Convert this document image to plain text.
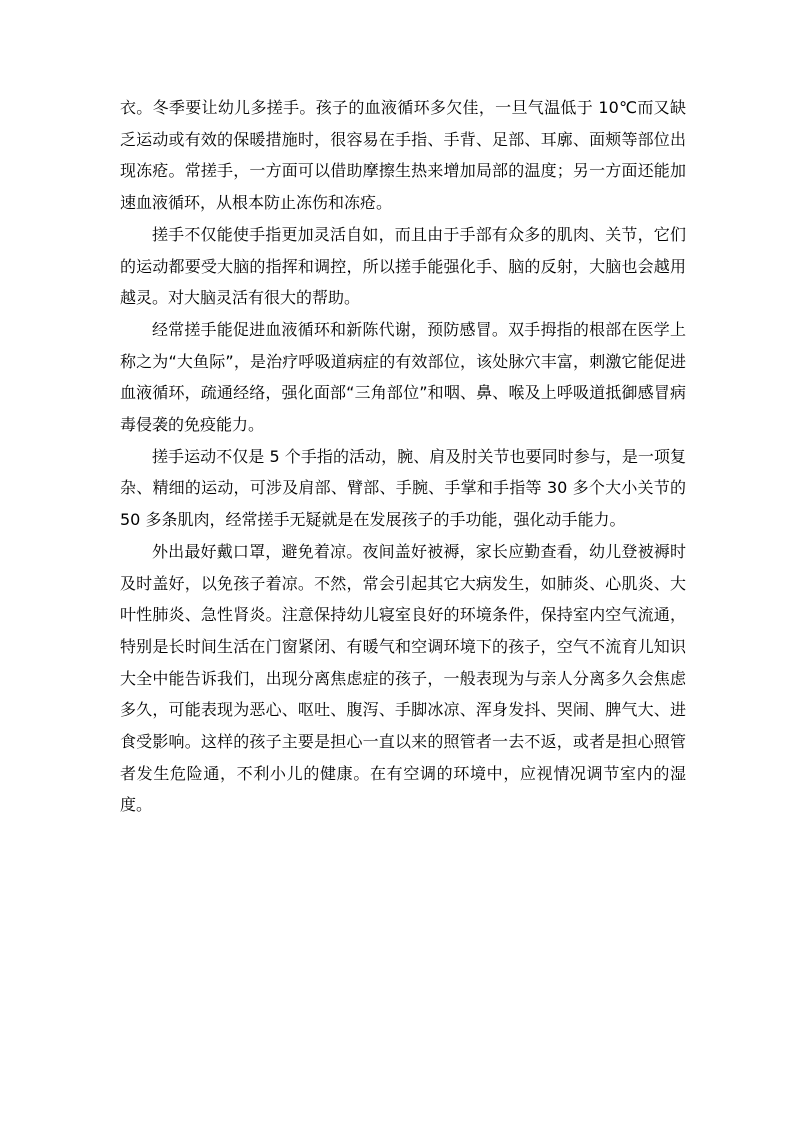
衣。冬季要让幼儿多搓手。孩子的血液循环多欠佳，一旦气温低于 10℃而又缺乏运动或有效的保暖措施时，很容易在手指、手背、足部、耳廓、面颊等部位出现冻疮。常搓手，一方面可以借助摩擦生热来增加局部的温度；另一方面还能加速血液循环，从根本防止冻伤和冻疮。

搓手不仅能使手指更加灵活自如，而且由于手部有众多的肌肉、关节，它们的运动都要受大脑的指挥和调控，所以搓手能强化手、脑的反射，大脑也会越用越灵。对大脑灵活有很大的帮助。

经常搓手能促进血液循环和新陈代谢，预防感冒。双手拇指的根部在医学上称之为“大鱼际”，是治疗呼吸道病症的有效部位，该处脉穴丰富，刺激它能促进血液循环，疏通经络，强化面部“三角部位”和咽、鼻、喉及上呼吸道抵御感冒病毒侵袭的免疫能力。

搓手运动不仅是 5 个手指的活动，腕、肩及肘关节也要同时参与，是一项复杂、精细的运动，可涉及肩部、臂部、手腕、手掌和手指等 30 多个大小关节的 50 多条肌肉，经常搓手无疑就是在发展孩子的手功能，强化动手能力。

外出最好戴口罩，避免着凉。夜间盖好被褥，家长应勤查看，幼儿登被褥时及时盖好，以免孩子着凉。不然，常会引起其它大病发生，如肺炎、心肌炎、大叶性肺炎、急性肾炎。注意保持幼儿寝室良好的环境条件，保持室内空气流通，特别是长时间生活在门窗紧闭、有暖气和空调环境下的孩子，空气不流育儿知识大全中能告诉我们，出现分离焦虑症的孩子，一般表现为与亲人分离多久会焦虑多久，可能表现为恶心、呕吐、腹泻、手脚冰凉、浑身发抖、哭闹、脾气大、进食受影响。这样的孩子主要是担心一直以来的照管者一去不返，或者是担心照管者发生危险通，不利小儿的健康。在有空调的环境中，应视情况调节室内的湿度。
